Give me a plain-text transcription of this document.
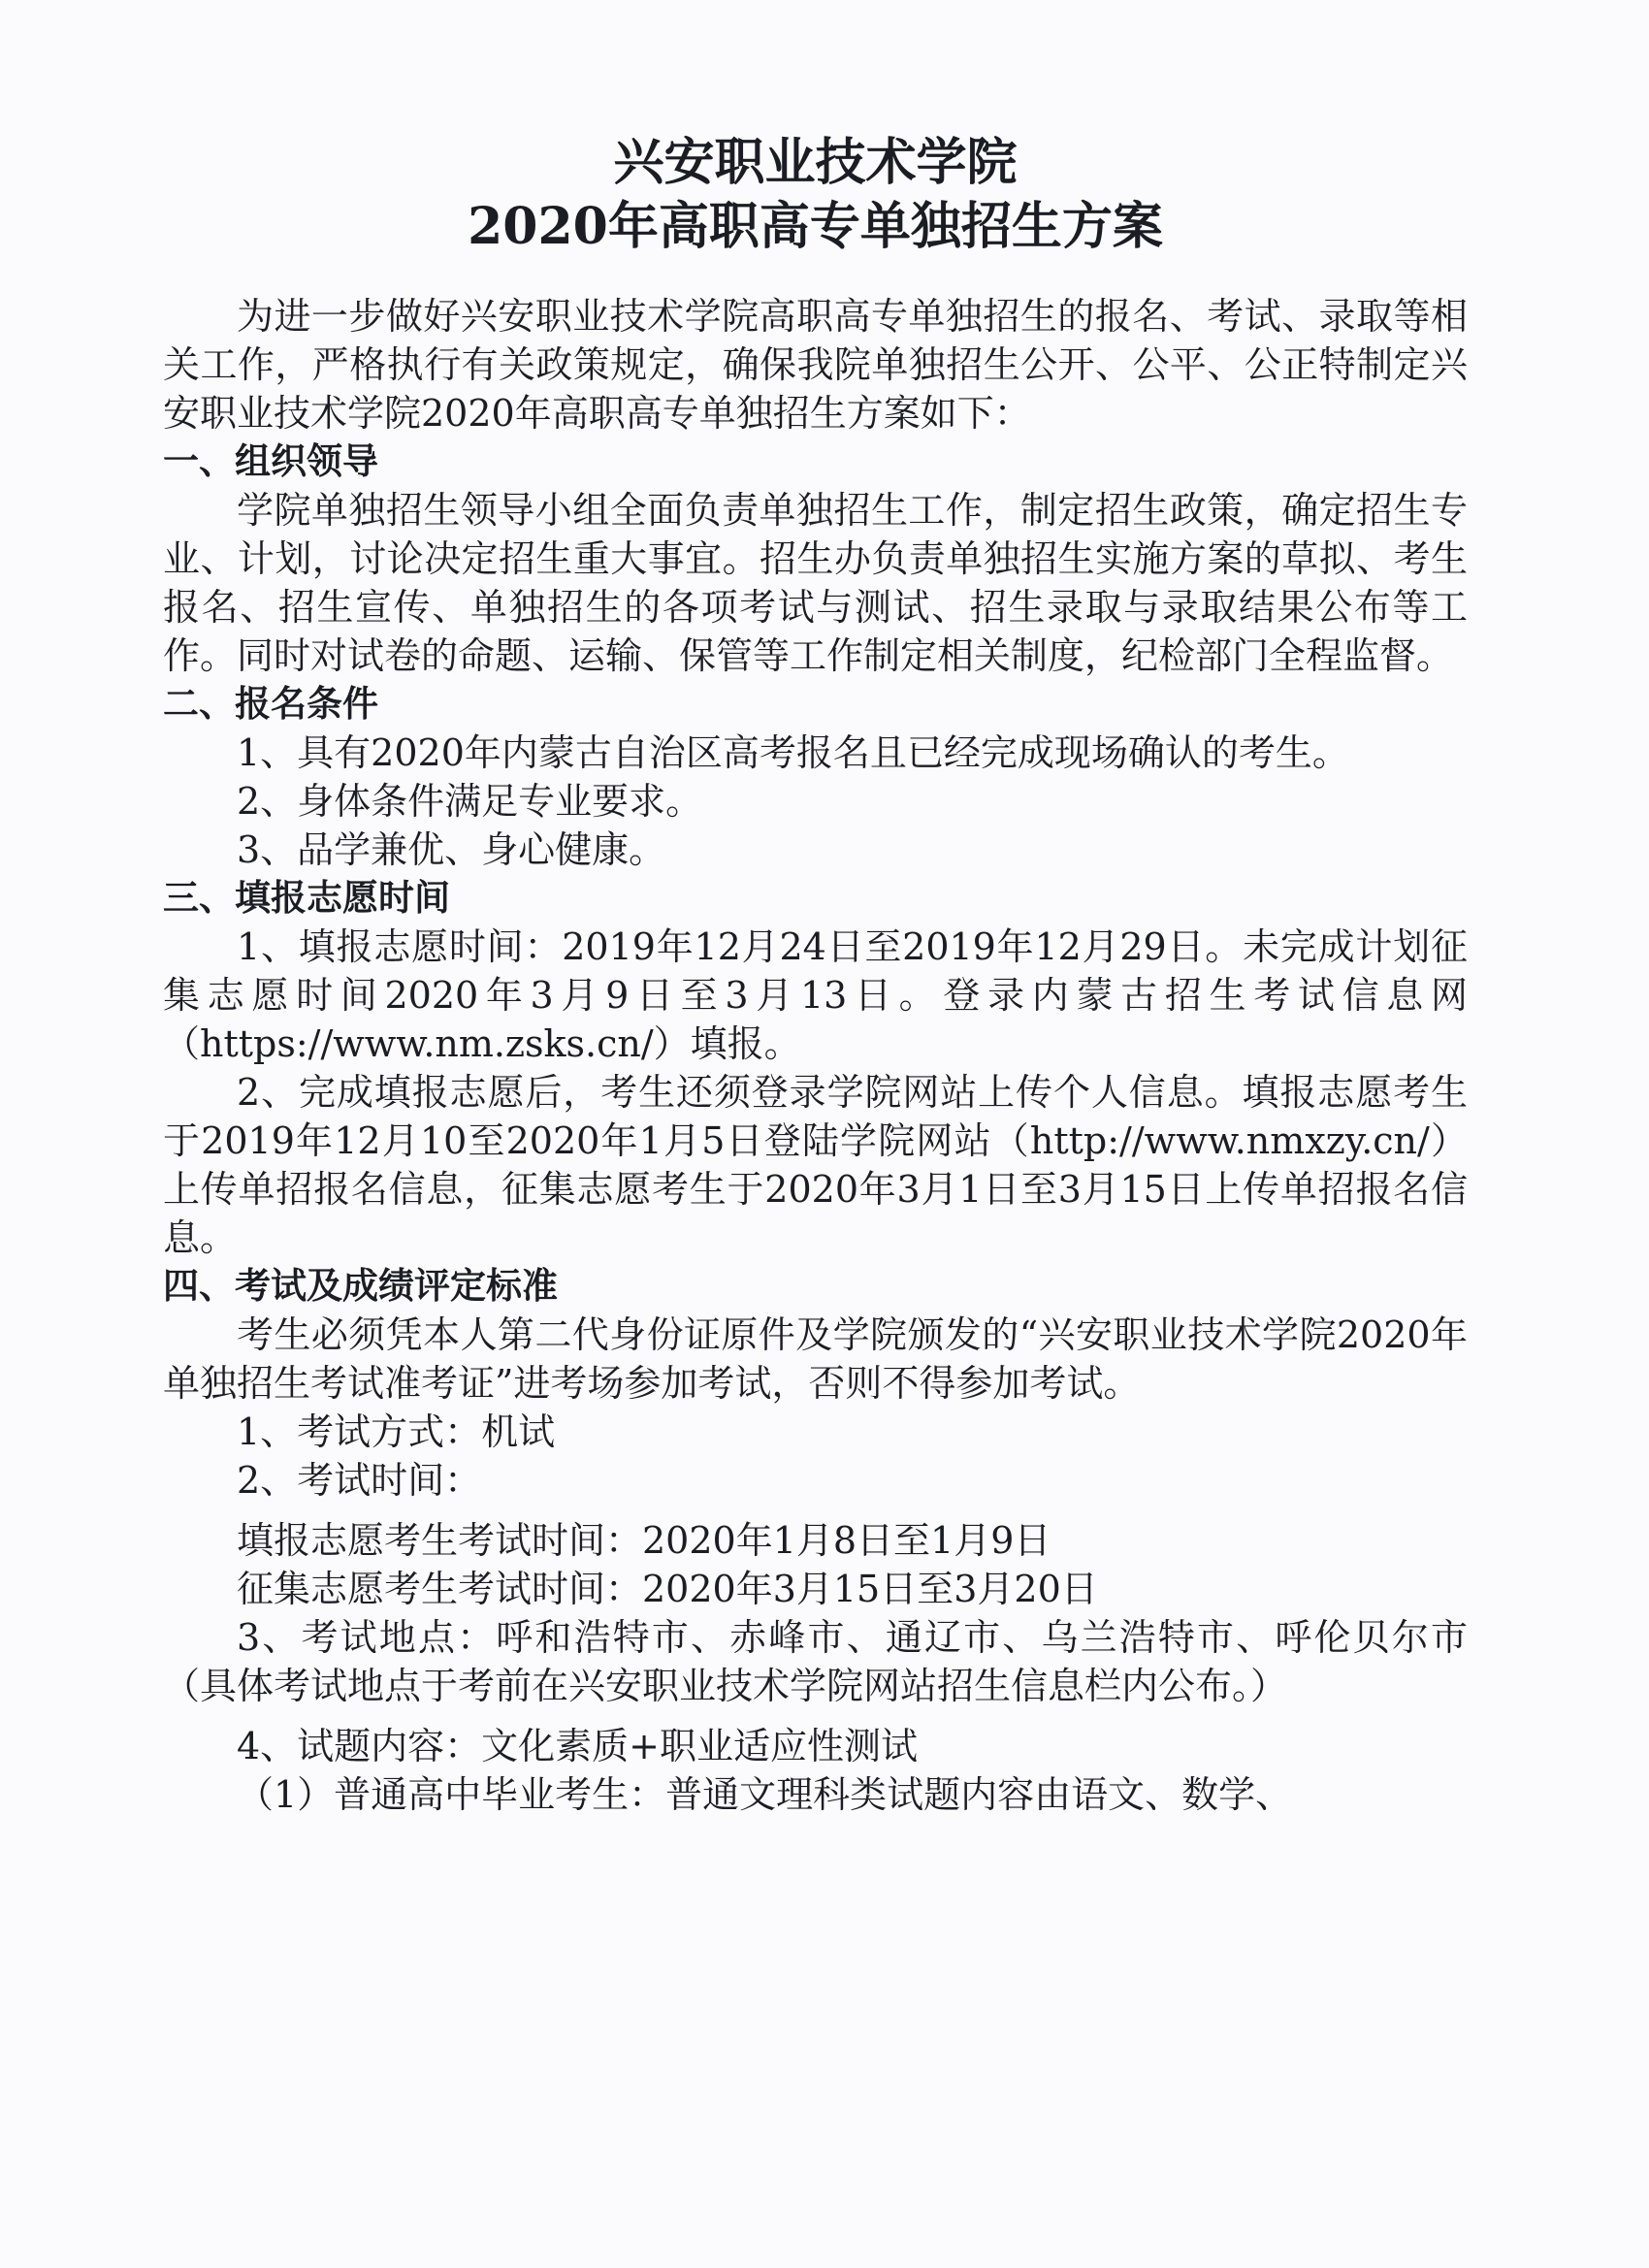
兴安职业技术学院

2020年高职高专单独招生方案

为进一步做好兴安职业技术学院高职高专单独招生的报名、考试、录取等相关工作，严格执行有关政策规定，确保我院单独招生公开、公平、公正特制定兴安职业技术学院2020年高职高专单独招生方案如下：

一、组织领导

学院单独招生领导小组全面负责单独招生工作，制定招生政策，确定招生专业、计划，讨论决定招生重大事宜。招生办负责单独招生实施方案的草拟、考生报名、招生宣传、单独招生的各项考试与测试、招生录取与录取结果公布等工作。同时对试卷的命题、运输、保管等工作制定相关制度，纪检部门全程监督。

二、报名条件

1、具有2020年内蒙古自治区高考报名且已经完成现场确认的考生。

2、身体条件满足专业要求。

3、品学兼优、身心健康。

三、填报志愿时间

1、填报志愿时间：2019年12月24日至2019年12月29日。未完成计划征集志愿时间2020年3月9日至3月13日。登录内蒙古招生考试信息网（https://www.nm.zsks.cn/）填报。

2、完成填报志愿后，考生还须登录学院网站上传个人信息。填报志愿考生于2019年12月10至2020年1月5日登陆学院网站（http://www.nmxzy.cn/）上传单招报名信息，征集志愿考生于2020年3月1日至3月15日上传单招报名信息。

四、考试及成绩评定标准

考生必须凭本人第二代身份证原件及学院颁发的“兴安职业技术学院2020年单独招生考试准考证”进考场参加考试，否则不得参加考试。

1、考试方式：机试

2、考试时间：

填报志愿考生考试时间：2020年1月8日至1月9日

征集志愿考生考试时间：2020年3月15日至3月20日

3、考试地点：呼和浩特市、赤峰市、通辽市、乌兰浩特市、呼伦贝尔市（具体考试地点于考前在兴安职业技术学院网站招生信息栏内公布。）

4、试题内容：文化素质+职业适应性测试

（1）普通高中毕业考生：普通文理科类试题内容由语文、数学、
